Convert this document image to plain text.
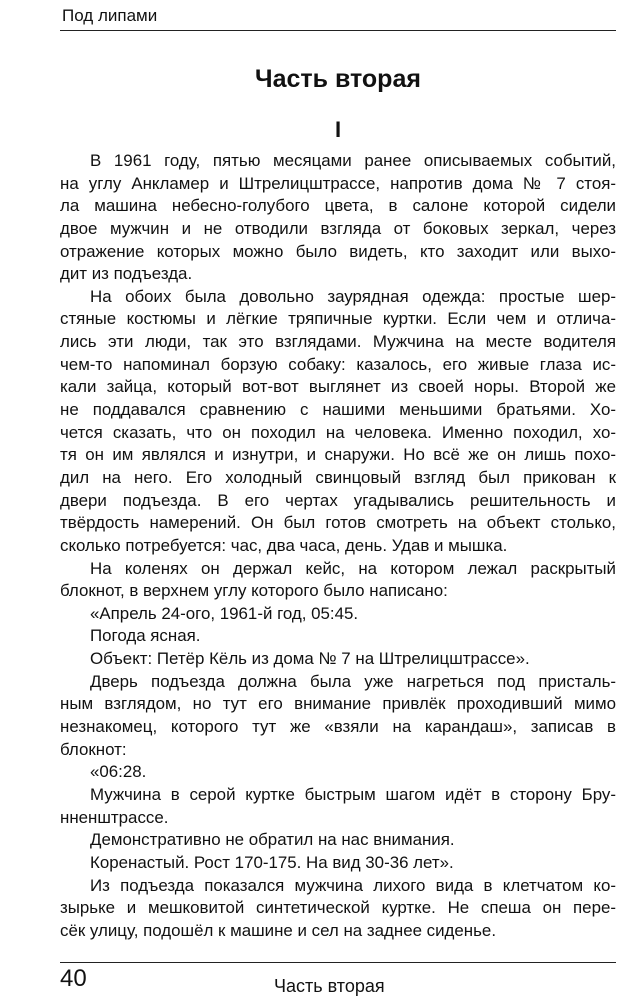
Под липами
Часть вторая
I
В 1961 году, пятью месяцами ранее описываемых событий,
на углу Анкламер и Штрелицштрассе, напротив дома № 7 стоя-
ла машина небесно-голубого цвета, в салоне которой сидели
двое мужчин и не отводили взгляда от боковых зеркал, через
отражение которых можно было видеть, кто заходит или выхо-
дит из подъезда.
На обоих была довольно заурядная одежда: простые шер-
стяные костюмы и лёгкие тряпичные куртки. Если чем и отлича-
лись эти люди, так это взглядами. Мужчина на месте водителя
чем-то напоминал борзую собаку: казалось, его живые глаза ис-
кали зайца, который вот-вот выглянет из своей норы. Второй же
не поддавался сравнению с нашими меньшими братьями. Хо-
чется сказать, что он походил на человека. Именно походил, хо-
тя он им являлся и изнутри, и снаружи. Но всё же он лишь похо-
дил на него. Его холодный свинцовый взгляд был прикован к
двери подъезда. В его чертах угадывались решительность и
твёрдость намерений. Он был готов смотреть на объект столько,
сколько потребуется: час, два часа, день. Удав и мышка.
На коленях он держал кейс, на котором лежал раскрытый
блокнот, в верхнем углу которого было написано:
«Апрель 24-ого, 1961-й год, 05:45.
Погода ясная.
Объект: Петёр Кёль из дома № 7 на Штрелицштрассе».
Дверь подъезда должна была уже нагреться под присталь-
ным взглядом, но тут его внимание привлёк проходивший мимо
незнакомец, которого тут же «взяли на карандаш», записав в
блокнот:
«06:28.
Мужчина в серой куртке быстрым шагом идёт в сторону Бру-
нненштрассе.
Демонстративно не обратил на нас внимания.
Коренастый. Рост 170-175. На вид 30-36 лет».
Из подъезда показался мужчина лихого вида в клетчатом ко-
зырьке и мешковитой синтетической куртке. Не спеша он пере-
сёк улицу, подошёл к машине и сел на заднее сиденье.
40	Часть вторая
